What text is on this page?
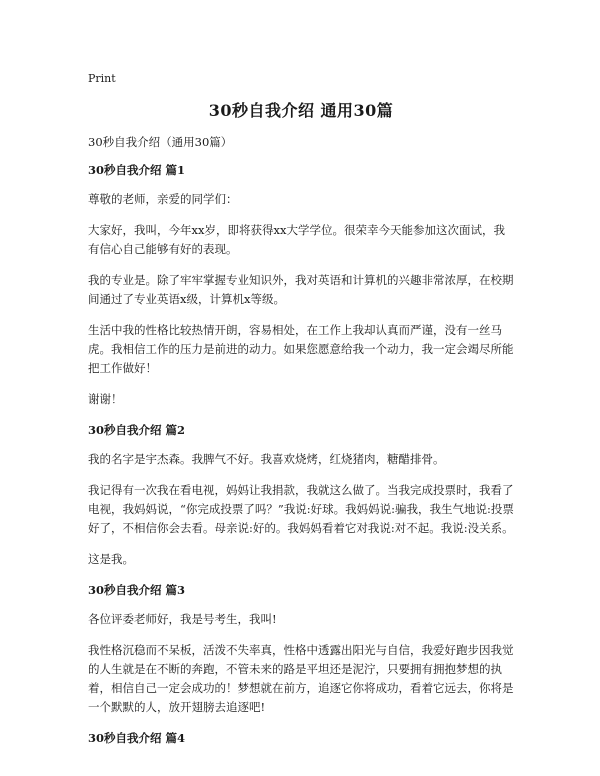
Print
30秒自我介绍 通用30篇

30秒自我介绍（通用30篇）

30秒自我介绍 篇1

尊敬的老师，亲爱的同学们：

大家好，我叫，今年xx岁，即将获得xx大学学位。很荣幸今天能参加这次面试，我有信心自己能够有好的表现。

我的专业是。除了牢牢掌握专业知识外，我对英语和计算机的兴趣非常浓厚，在校期间通过了专业英语x级，计算机x等级。

生活中我的性格比较热情开朗，容易相处，在工作上我却认真而严谨，没有一丝马虎。我相信工作的压力是前进的动力。如果您愿意给我一个动力，我一定会竭尽所能把工作做好！

谢谢！

30秒自我介绍 篇2

我的名字是宇杰森。我脾气不好。我喜欢烧烤，红烧猪肉，糖醋排骨。

我记得有一次我在看电视，妈妈让我捐款，我就这么做了。当我完成投票时，我看了电视，我妈妈说，“你完成投票了吗？”我说:好球。我妈妈说:骗我，我生气地说:投票好了，不相信你会去看。母亲说:好的。我妈妈看着它对我说:对不起。我说:没关系。

这是我。

30秒自我介绍 篇3

各位评委老师好，我是号考生，我叫!

我性格沉稳而不呆板，活泼不失率真，性格中透露出阳光与自信，我爱好跑步因我觉的人生就是在不断的奔跑，不管未来的路是平坦还是泥泞，只要拥有拥抱梦想的执着，相信自己一定会成功的！梦想就在前方，追逐它你将成功，看着它远去，你将是一个默默的人，放开翅膀去追逐吧!

30秒自我介绍 篇4
